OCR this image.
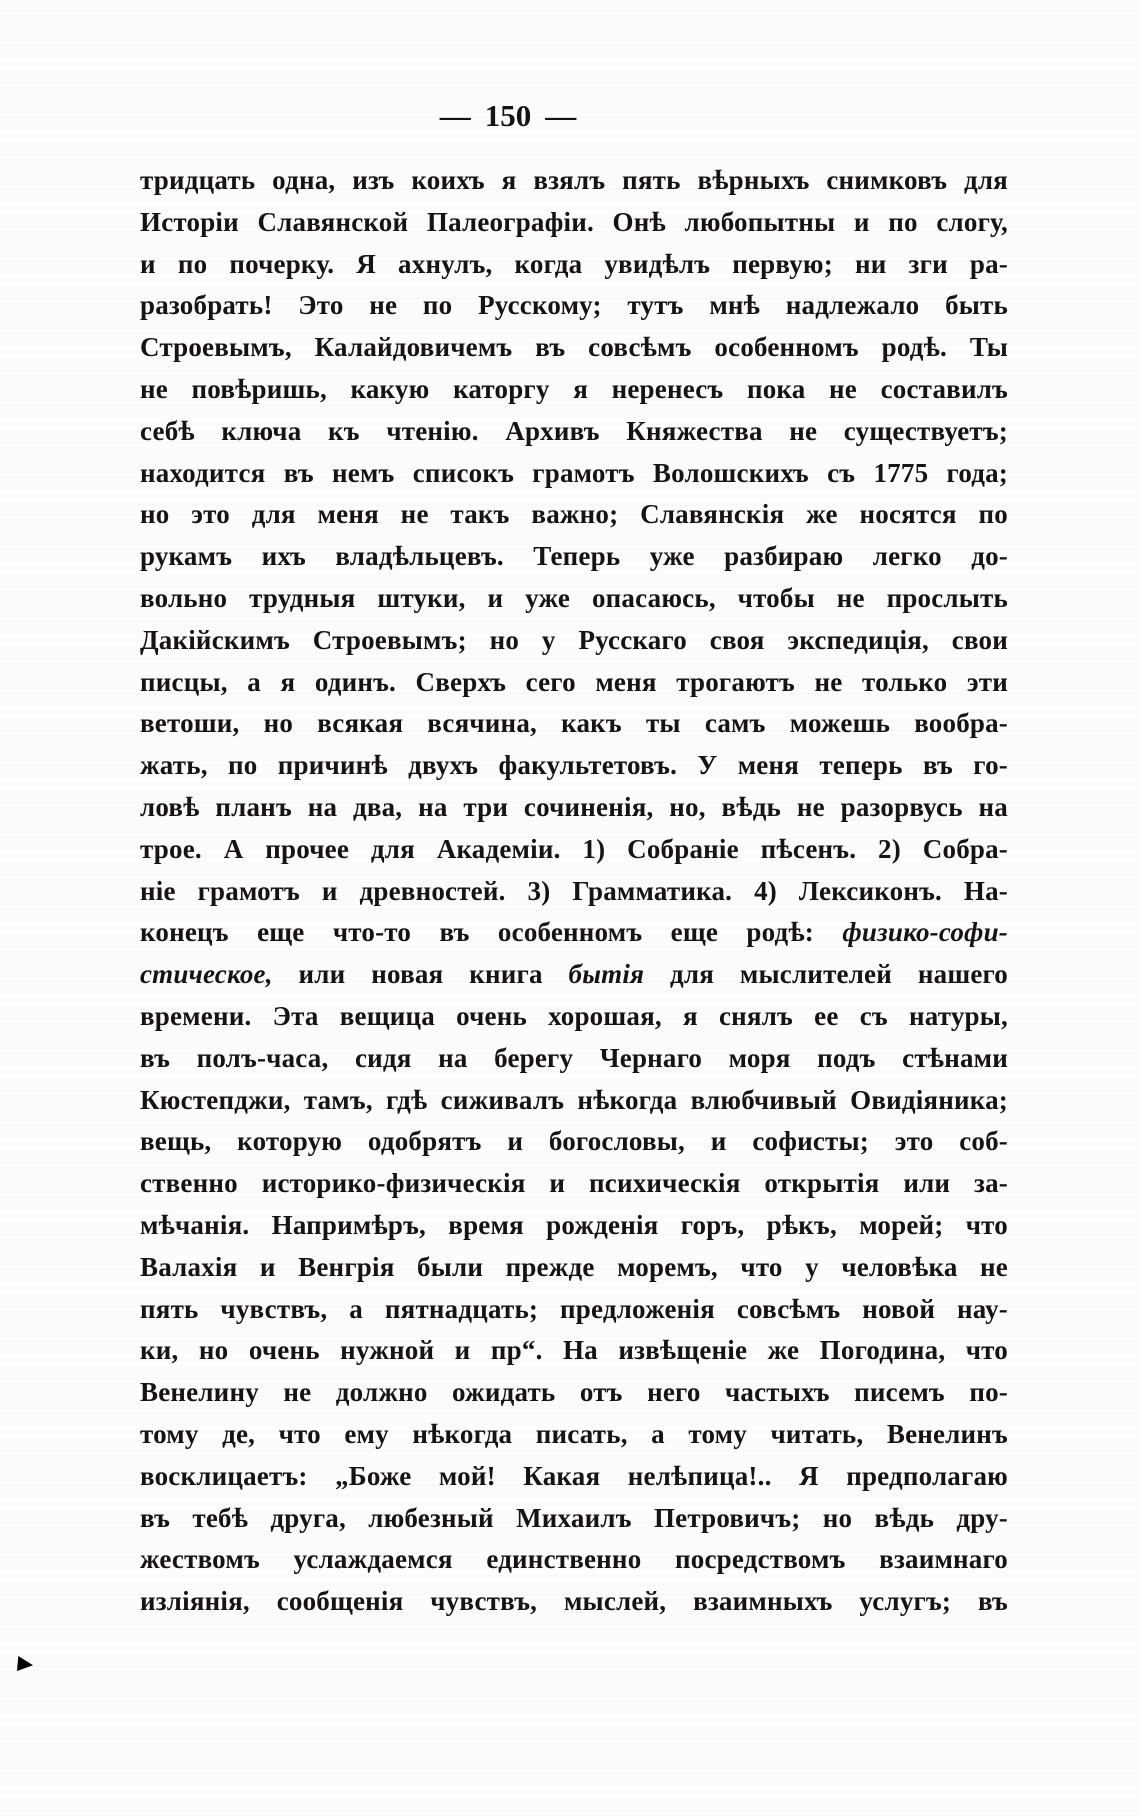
— 150 —
тридцать одна, изъ коихъ я взялъ пять вѣрныхъ снимковъ для
Исторіи Славянской Палеографіи. Онѣ любопытны и по слогу,
и по почерку. Я ахнулъ, когда увидѣлъ первую; ни зги ра-
разобрать! Это не по Русскому; тутъ мнѣ надлежало быть
Строевымъ, Калайдовичемъ въ совсѣмъ особенномъ родѣ. Ты
не повѣришь, какую каторгу я неренесъ пока не составилъ
себѣ ключа къ чтенію. Архивъ Княжества не существуетъ;
находится въ немъ списокъ грамотъ Волошскихъ съ 1775 года;
но это для меня не такъ важно; Славянскія же носятся по
рукамъ ихъ владѣльцевъ. Теперь уже разбираю легко до-
вольно трудныя штуки, и уже опасаюсь, чтобы не прослыть
Дакійскимъ Строевымъ; но у Русскаго своя экспедиція, свои
писцы, а я одинъ. Сверхъ сего меня трогаютъ не только эти
ветоши, но всякая всячина, какъ ты самъ можешь вообра-
жать, по причинѣ двухъ факультетовъ. У меня теперь въ го-
ловѣ планъ на два, на три сочиненія, но, вѣдь не разорвусь на
трое. А прочее для Академіи. 1) Собраніе пѣсенъ. 2) Собра-
ніе грамотъ и древностей. 3) Грамматика. 4) Лексиконъ. На-
конецъ еще что-то въ особенномъ еще родѣ: физико-софи-
стическое, или новая книга бытія для мыслителей нашего
времени. Эта вещица очень хорошая, я снялъ ее съ натуры,
въ полъ-часа, сидя на берегу Чернаго моря подъ стѣнами
Кюстепджи, тамъ, гдѣ сиживалъ нѣкогда влюбчивый Овидіяника;
вещь, которую одобрятъ и богословы, и софисты; это соб-
ственно историко-физическія и психическія открытія или за-
мѣчанія. Напримѣръ, время рожденія горъ, рѣкъ, морей; что
Валахія и Венгрія были прежде моремъ, что у человѣка не
пять чувствъ, а пятнадцать; предложенія совсѣмъ новой нау-
ки, но очень нужной и пр“. На извѣщеніе же Погодина, что
Венелину не должно ожидать отъ него частыхъ писемъ по-
тому де, что ему нѣкогда писать, а тому читать, Венелинъ
восклицаетъ: „Боже мой! Какая нелѣпица!.. Я предполагаю
въ тебѣ друга, любезный Михаилъ Петровичъ; но вѣдь дру-
жествомъ услаждаемся единственно посредствомъ взаимнаго
изліянія, сообщенія чувствъ, мыслей, взаимныхъ услугъ; въ
